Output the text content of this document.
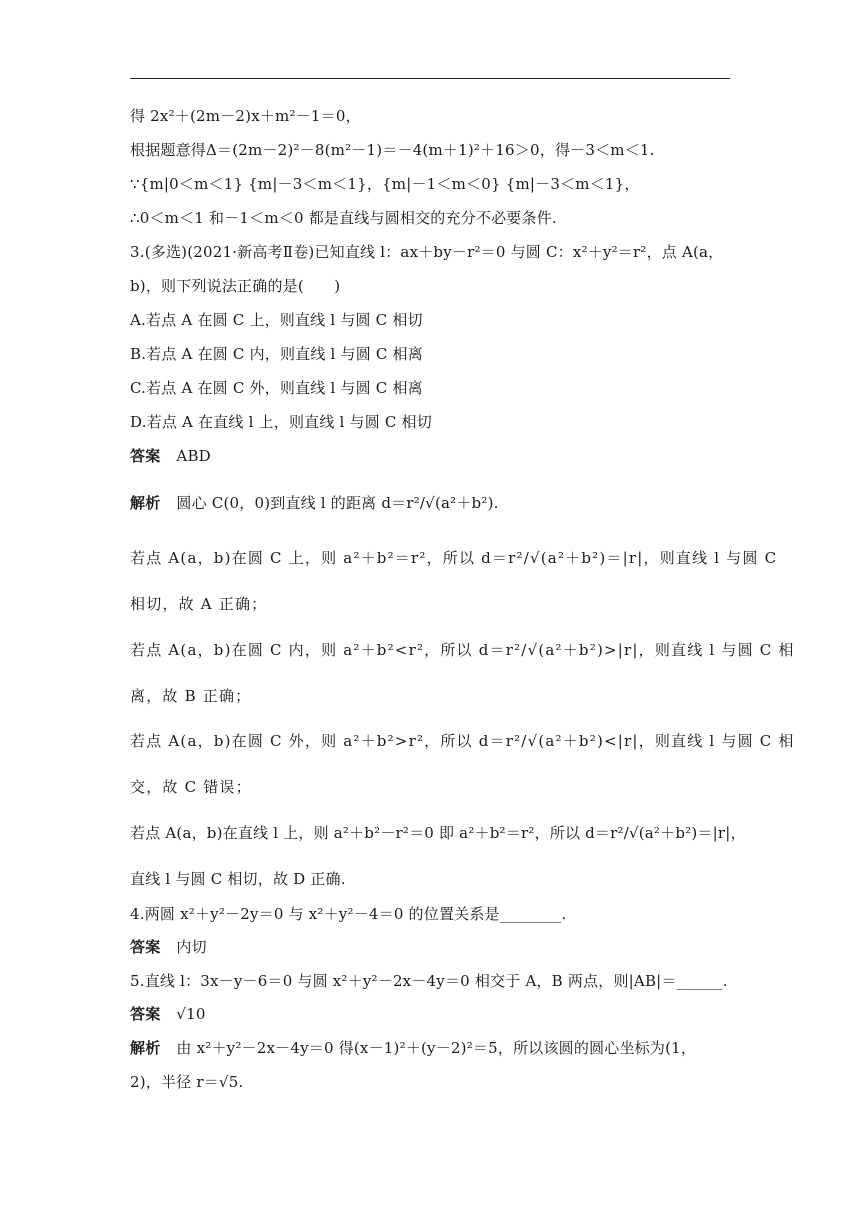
得 2x²＋(2m－2)x＋m²－1＝0，
根据题意得Δ＝(2m－2)²－8(m²－1)＝－4(m＋1)²＋16＞0，得－3＜m＜1.
∵{m|0＜m＜1} {m|－3＜m＜1}，{m|－1＜m＜0} {m|－3＜m＜1}，
∴0＜m＜1 和－1＜m＜0 都是直线与圆相交的充分不必要条件.
3.(多选)(2021·新高考Ⅱ卷)已知直线 l：ax＋by－r²＝0 与圆 C：x²＋y²＝r²，点 A(a，
b)，则下列说法正确的是(　　)
A.若点 A 在圆 C 上，则直线 l 与圆 C 相切
B.若点 A 在圆 C 内，则直线 l 与圆 C 相离
C.若点 A 在圆 C 外，则直线 l 与圆 C 相离
D.若点 A 在直线 l 上，则直线 l 与圆 C 相切
答案 ABD
解析 圆心 C(0，0)到直线 l 的距离 d＝r²/√(a²＋b²).
若点 A(a，b)在圆 C 上，则 a²＋b²＝r²，所以 d＝r²/√(a²＋b²)＝|r|，则直线 l 与圆 C
相切，故 A 正确；
若点 A(a，b)在圆 C 内，则 a²＋b²<r²，所以 d＝r²/√(a²＋b²)>|r|，则直线 l 与圆 C 相
离，故 B 正确；
若点 A(a，b)在圆 C 外，则 a²＋b²>r²，所以 d＝r²/√(a²＋b²)<|r|，则直线 l 与圆 C 相
交，故 C 错误；
若点 A(a，b)在直线 l 上，则 a²＋b²－r²＝0 即 a²＋b²＝r²，所以 d＝r²/√(a²＋b²)＝|r|，
直线 l 与圆 C 相切，故 D 正确.
4.两圆 x²＋y²－2y＝0 与 x²＋y²－4＝0 的位置关系是________.
答案 内切
5.直线 l：3x－y－6＝0 与圆 x²＋y²－2x－4y＝0 相交于 A，B 两点，则|AB|＝______.
答案 √10
解析 由 x²＋y²－2x－4y＝0 得(x－1)²＋(y－2)²＝5，所以该圆的圆心坐标为(1，
2)，半径 r＝√5.
